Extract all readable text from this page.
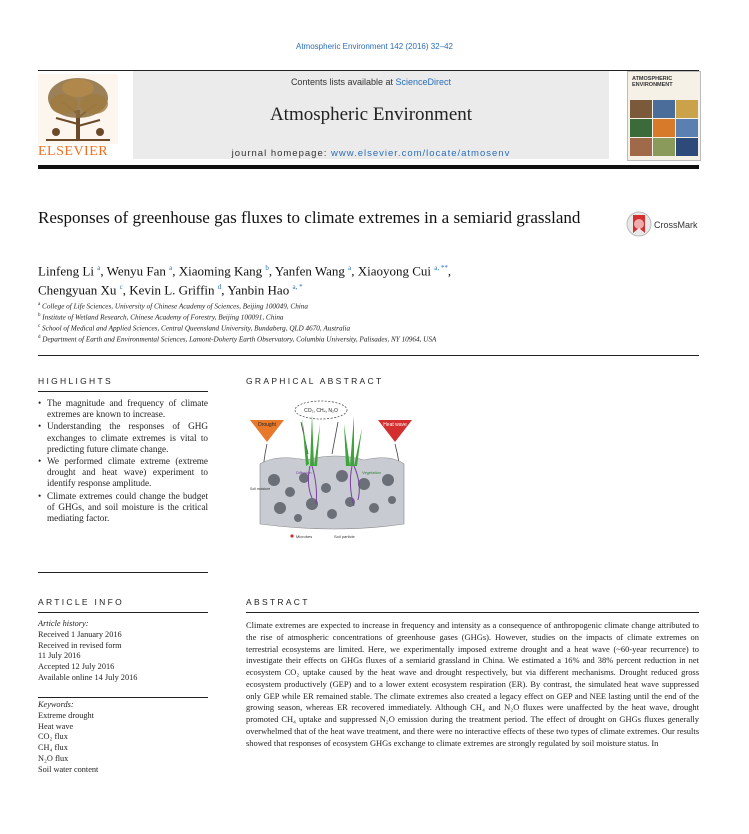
Atmospheric Environment 142 (2016) 32–42
ELSEVIER
Contents lists available at ScienceDirect
Atmospheric Environment
journal homepage: www.elsevier.com/locate/atmosenv
ATMOSPHERIC ENVIRONMENT
Responses of greenhouse gas fluxes to climate extremes in a semiarid grassland	CrossMark
Linfeng Li $^a$, Wenyu Fan $^a$, Xiaoming Kang $^b$, Yanfen Wang $^a$, Xiaoyong Cui $^{a, **}$,
Chengyuan Xu $^c$, Kevin L. Griffin $^d$, Yanbin Hao $^{a, *}$
$^a$ College of Life Sciences, University of Chinese Academy of Sciences, Beijing 100049, China
$^b$ Institute of Wetland Research, Chinese Academy of Forestry, Beijing 100091, China
$^c$ School of Medical and Applied Sciences, Central Queensland University, Bundaberg, QLD 4670, Australia
$^d$ Department of Earth and Environmental Sciences, Lamont-Doherty Earth Observatory, Columbia University, Palisades, NY 10964, USA
HIGHLIGHTS
• The magnitude and frequency of climate extremes are known to increase.
• Understanding the responses of GHG exchanges to climate extremes is vital to predicting future climate change.
• We performed climate extreme (extreme drought and heat wave) experiment to identify response amplitude.
• Climate extremes could change the budget of GHGs, and soil moisture is the critical mediating factor.
GRAPHICAL ABSTRACT
CO₂, CH₄, N₂O
Drought	Heat wave
Diffusion	Vegetation
Soil moisture
Microbes	Soil particle
ARTICLE INFO
Article history:
Received 1 January 2016
Received in revised form
11 July 2016
Accepted 12 July 2016
Available online 14 July 2016
Keywords:
Extreme drought
Heat wave
CO₂ flux
CH₄ flux
N₂O flux
Soil water content
ABSTRACT
Climate extremes are expected to increase in frequency and intensity as a consequence of anthropogenic climate change attributed to the rise of atmospheric concentrations of greenhouse gases (GHGs). However, studies on the impacts of climate extremes on terrestrial ecosystems are limited. Here, we experimentally imposed extreme drought and a heat wave (~60-year recurrence) to investigate their effects on GHGs fluxes of a semiarid grassland in China. We estimated a 16% and 38% percent reduction in net ecosystem CO₂ uptake caused by the heat wave and drought respectively, but via different mechanisms. Drought reduced gross ecosystem productively (GEP) and to a lower extent ecosystem respiration (ER). By contrast, the simulated heat wave suppressed only GEP while ER remained stable. The climate extremes also created a legacy effect on GEP and NEE lasting until the end of the growing season, whereas ER recovered immediately. Although CH₄ and N₂O fluxes were unaffected by the heat wave, drought promoted CH₄ uptake and suppressed N₂O emission during the treatment period. The effect of drought on GHGs fluxes generally overwhelmed that of the heat wave treatment, and there were no interactive effects of these two types of climate extremes. Our results showed that responses of ecosystem GHGs exchange to climate extremes are strongly regulated by soil moisture status. In
